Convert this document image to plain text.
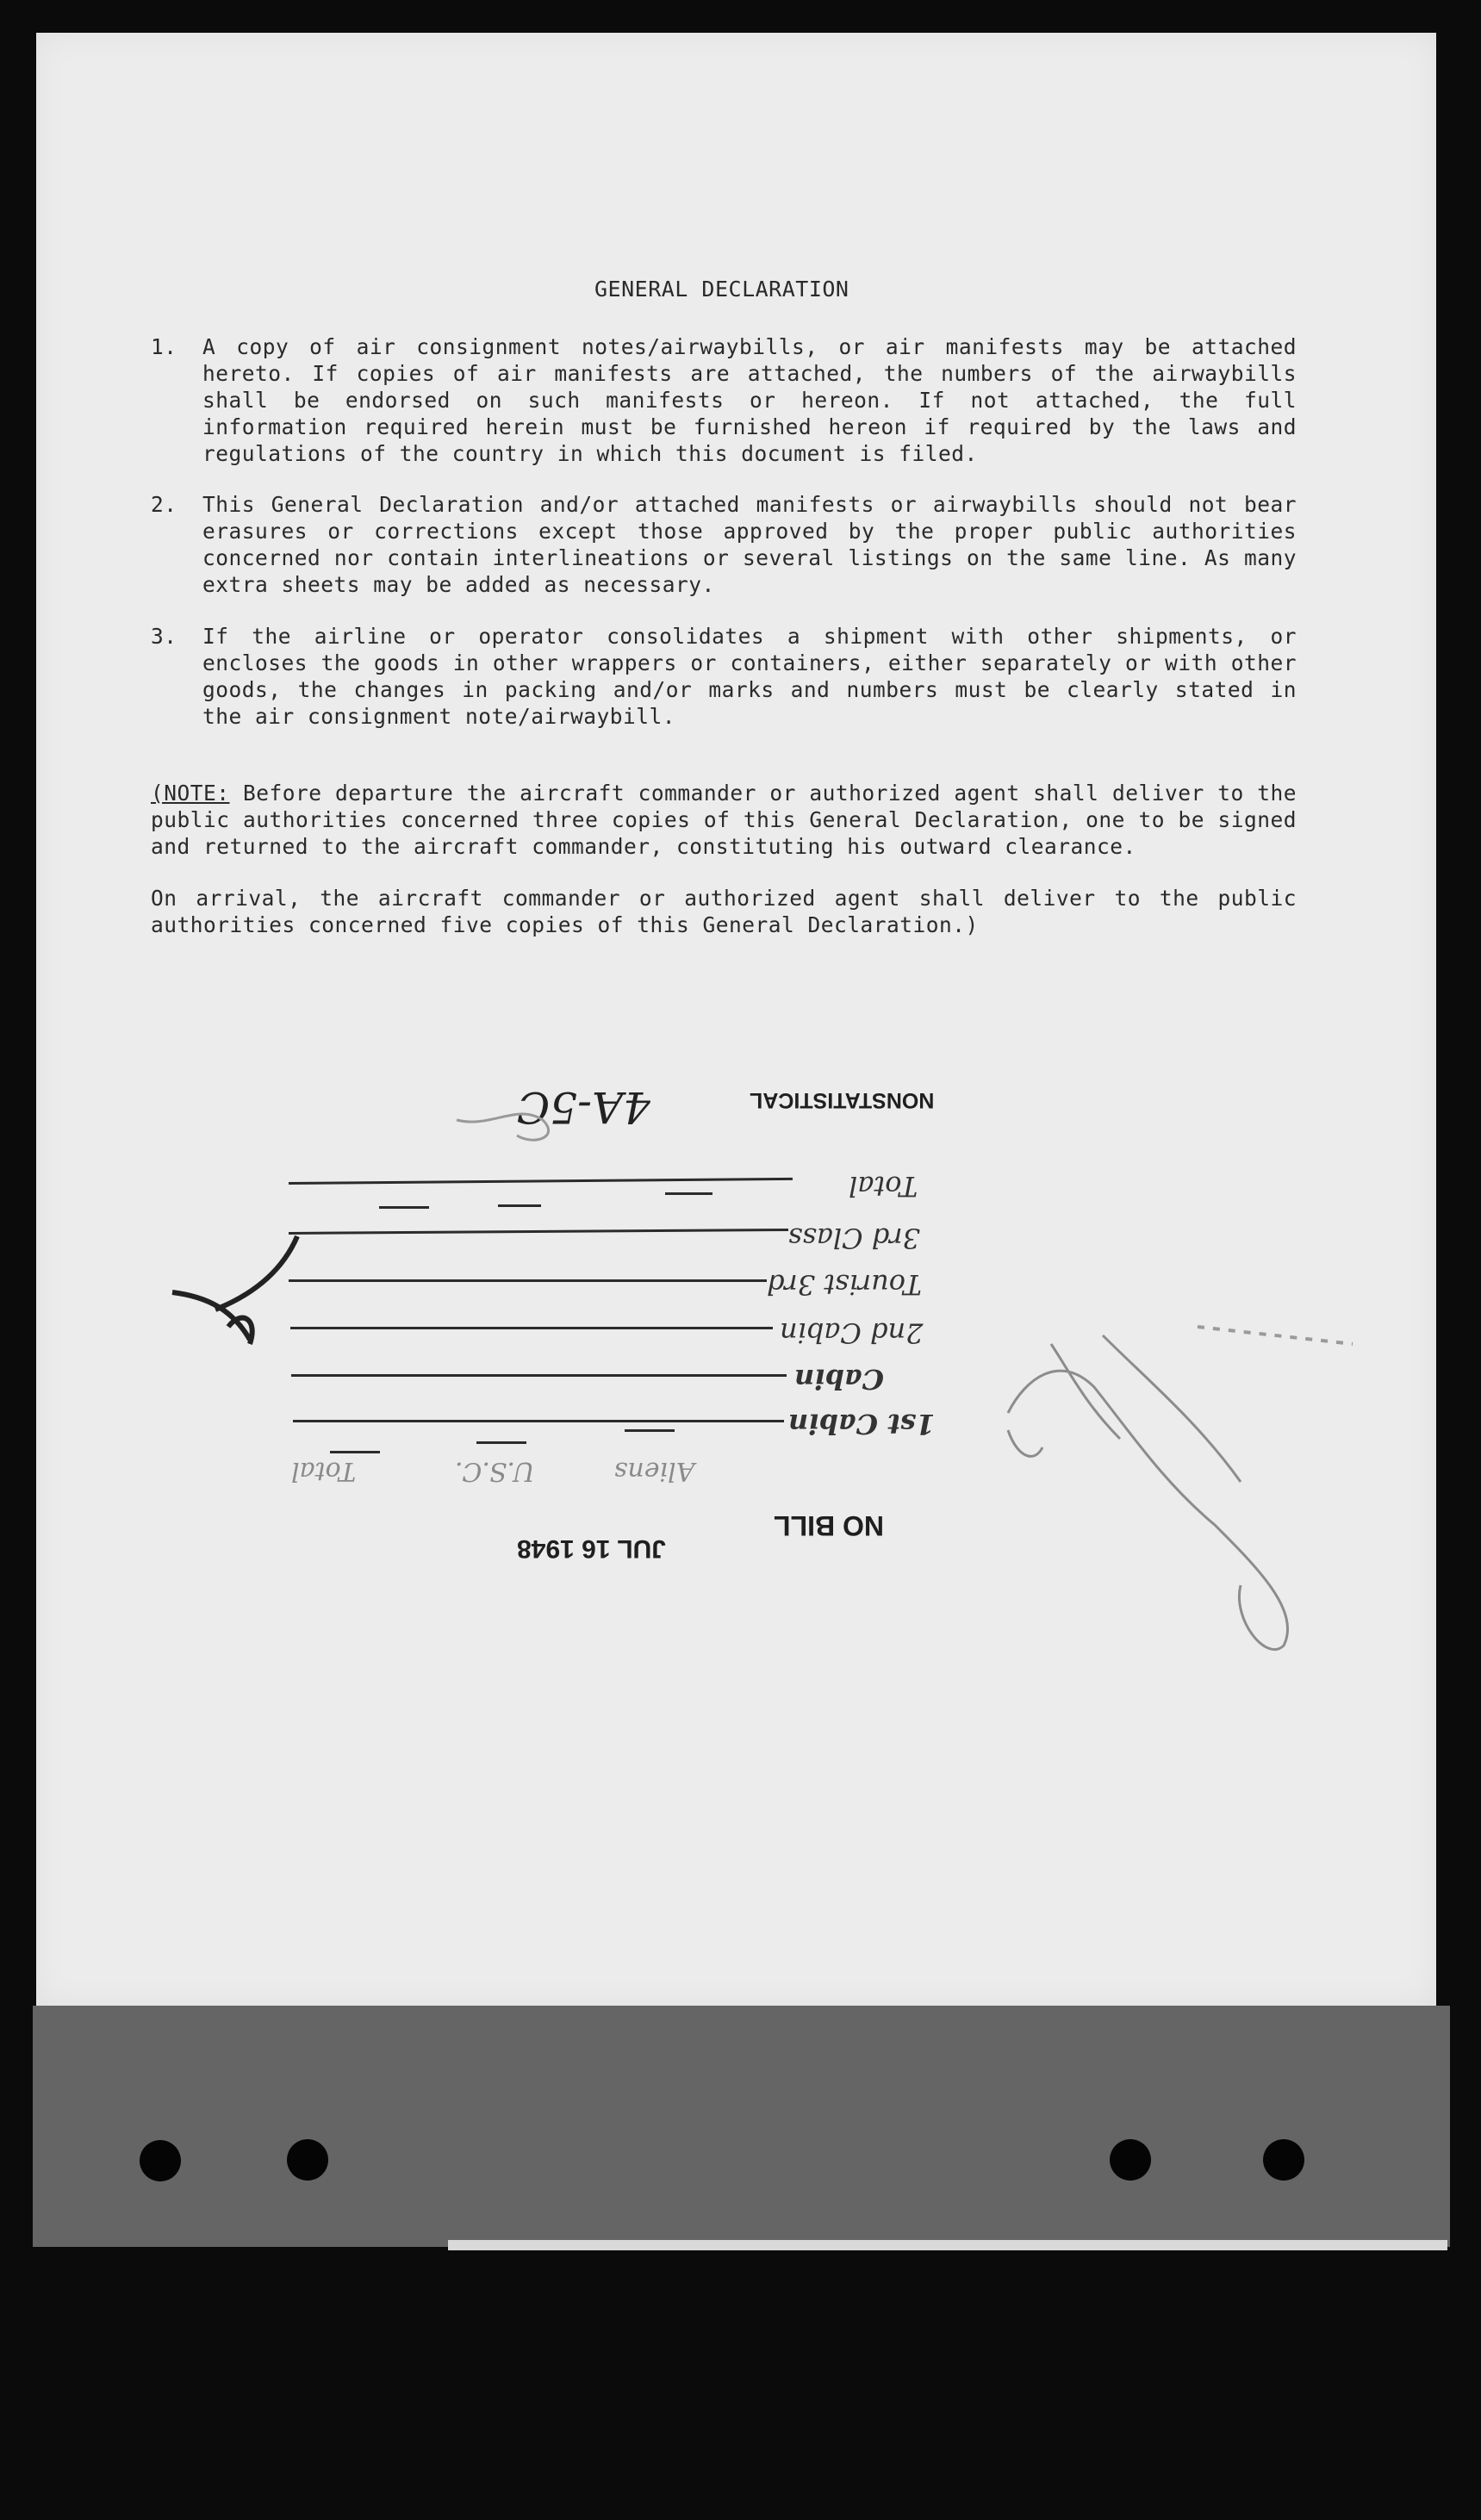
GENERAL DECLARATION
1.	A copy of air consignment notes/airwaybills, or air manifests may be attached hereto. If copies of air manifests are attached, the numbers of the airwaybills shall be endorsed on such manifests or hereon. If not attached, the full information required herein must be furnished hereon if required by the laws and regulations of the country in which this document is filed.
2.	This General Declaration and/or attached manifests or airwaybills should not bear erasures or corrections except those approved by the proper public authorities concerned nor contain interlineations or several listings on the same line. As many extra sheets may be added as necessary.
3.	If the airline or operator consolidates a shipment with other shipments, or encloses the goods in other wrappers or containers, either separately or with other goods, the changes in packing and/or marks and numbers must be clearly stated in the air consignment note/airwaybill.
(NOTE: Before departure the aircraft commander or authorized agent shall deliver to the public authorities concerned three copies of this General Declaration, one to be signed and returned to the aircraft commander, constituting his outward clearance.
On arrival, the aircraft commander or authorized agent shall deliver to the public authorities concerned five copies of this General Declaration.)
NONSTATISTICAL
4A-5C
Total
3rd Class
Tourist 3rd
2nd Cabin
Cabin
1st Cabin
Aliens
U.S.C.
Total
NO BILL
JUL 16 1948
